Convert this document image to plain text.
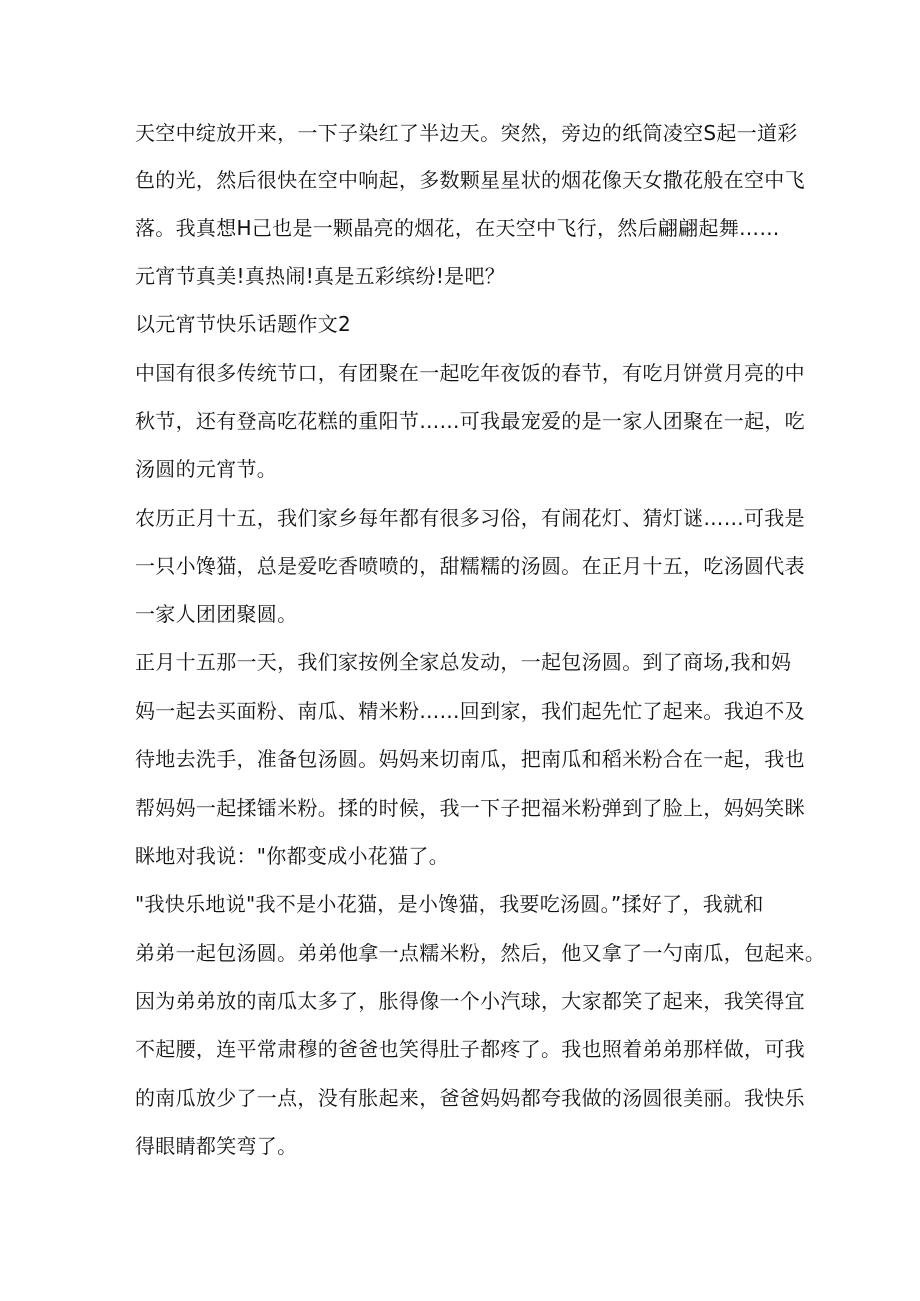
天空中绽放开来，一下子染红了半边天。突然，旁边的纸筒凌空S起一道彩
色的光，然后很快在空中响起，多数颗星星状的烟花像天女撒花般在空中飞
落。我真想H己也是一颗晶亮的烟花，在天空中飞行，然后翩翩起舞……
元宵节真美!真热闹!真是五彩缤纷!是吧？
以元宵节快乐话题作文2
中国有很多传统节口，有团聚在一起吃年夜饭的春节，有吃月饼赏月亮的中
秋节，还有登高吃花糕的重阳节……可我最宠爱的是一家人团聚在一起，吃
汤圆的元宵节。
农历正月十五，我们家乡每年都有很多习俗，有闹花灯、猜灯谜……可我是
一只小馋猫，总是爱吃香喷喷的，甜糯糯的汤圆。在正月十五，吃汤圆代表
一家人团团聚圆。
正月十五那一天，我们家按例全家总发动，一起包汤圆。到了商场,我和妈
妈一起去买面粉、南瓜、精米粉……回到家，我们起先忙了起来。我迫不及
待地去洗手，准备包汤圆。妈妈来切南瓜，把南瓜和稻米粉合在一起，我也
帮妈妈一起揉镭米粉。揉的时候，我一下子把福米粉弹到了脸上，妈妈笑眯
眯地对我说："你都变成小花猫了。
"我快乐地说"我不是小花猫，是小馋猫，我要吃汤圆。”揉好了，我就和
弟弟一起包汤圆。弟弟他拿一点糯米粉，然后，他又拿了一勺南瓜，包起来。
因为弟弟放的南瓜太多了，胀得像一个小汽球，大家都笑了起来，我笑得宜
不起腰，连平常肃穆的爸爸也笑得肚子都疼了。我也照着弟弟那样做，可我
的南瓜放少了一点，没有胀起来，爸爸妈妈都夸我做的汤圆很美丽。我快乐
得眼睛都笑弯了。
